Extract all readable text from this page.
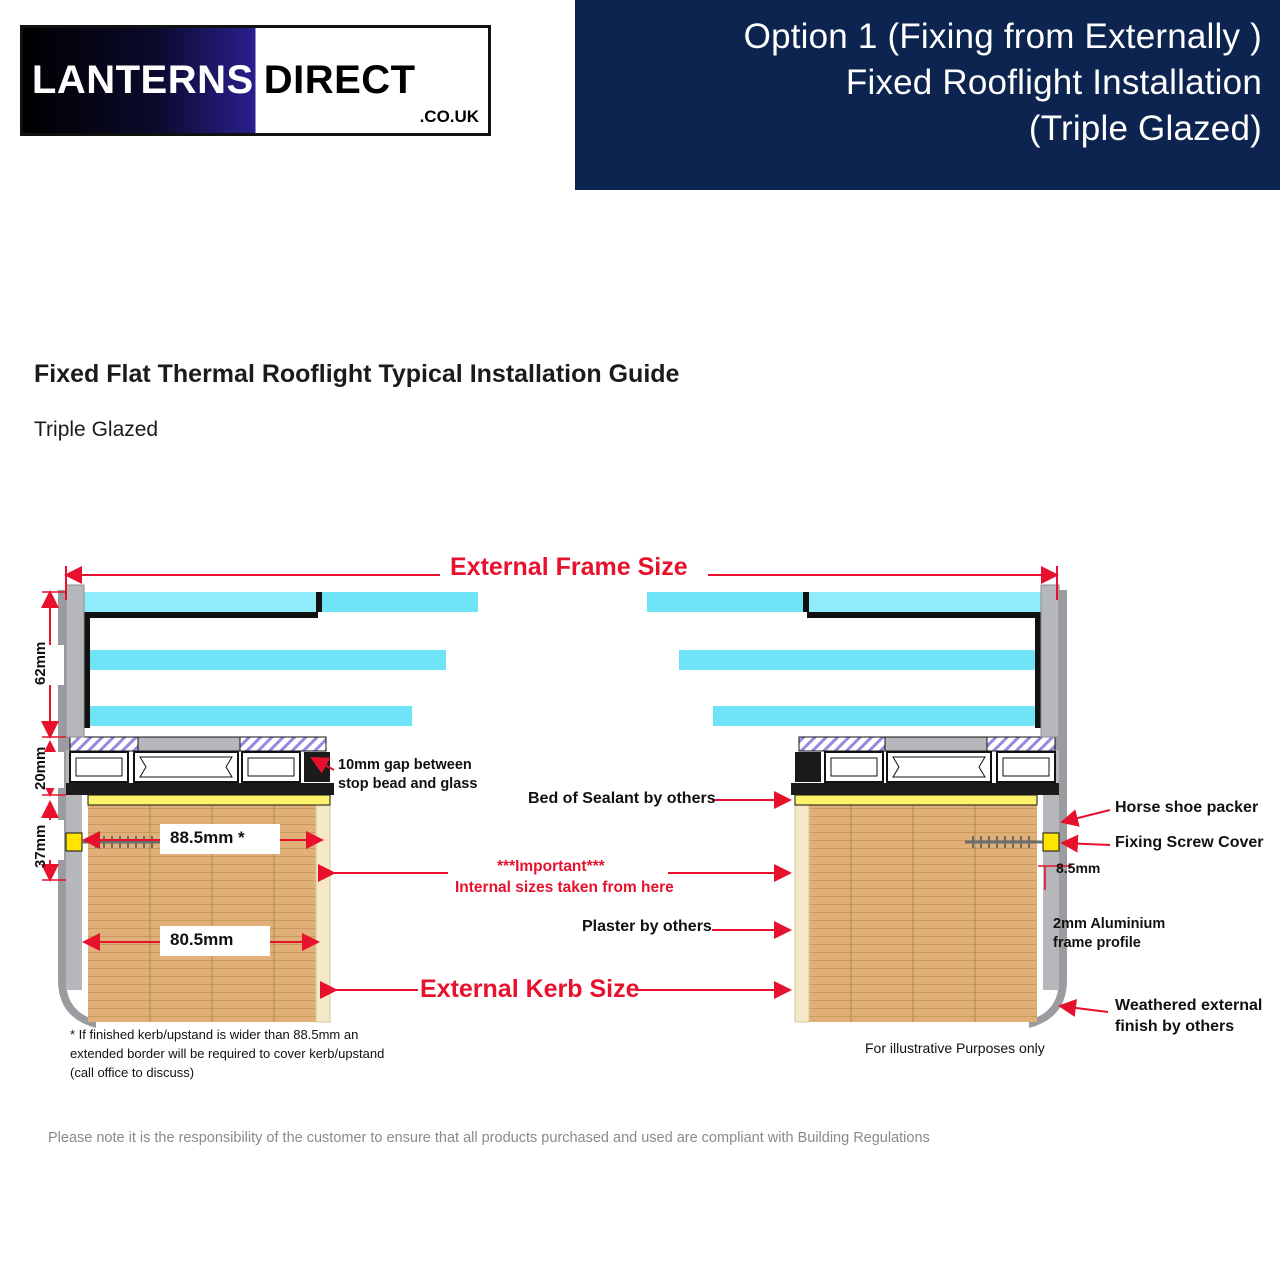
Option 1 (Fixing from Externally )
Fixed Rooflight Installation
(Triple Glazed)
LANTERNS DIRECT
.CO.UK
Fixed Flat Thermal Rooflight Typical Installation Guide
Triple Glazed
External Frame Size
62mm
20mm
37mm	88.5mm *
80.5mm
8.5mm
10mm gap between
stop bead and glass
Bed of Sealant by others
***Important***
Internal sizes taken from here
Plaster by others
External Kerb Size
Horse shoe packer
Fixing Screw Cover
2mm Aluminium
frame profile
Weathered external
finish by others
* If finished kerb/upstand is wider than 88.5mm an extended border will be required to cover kerb/upstand (call office to discuss)
For illustrative Purposes only
Please note it is the responsibility of the customer to ensure that all products purchased and used are compliant with Building Regulations
